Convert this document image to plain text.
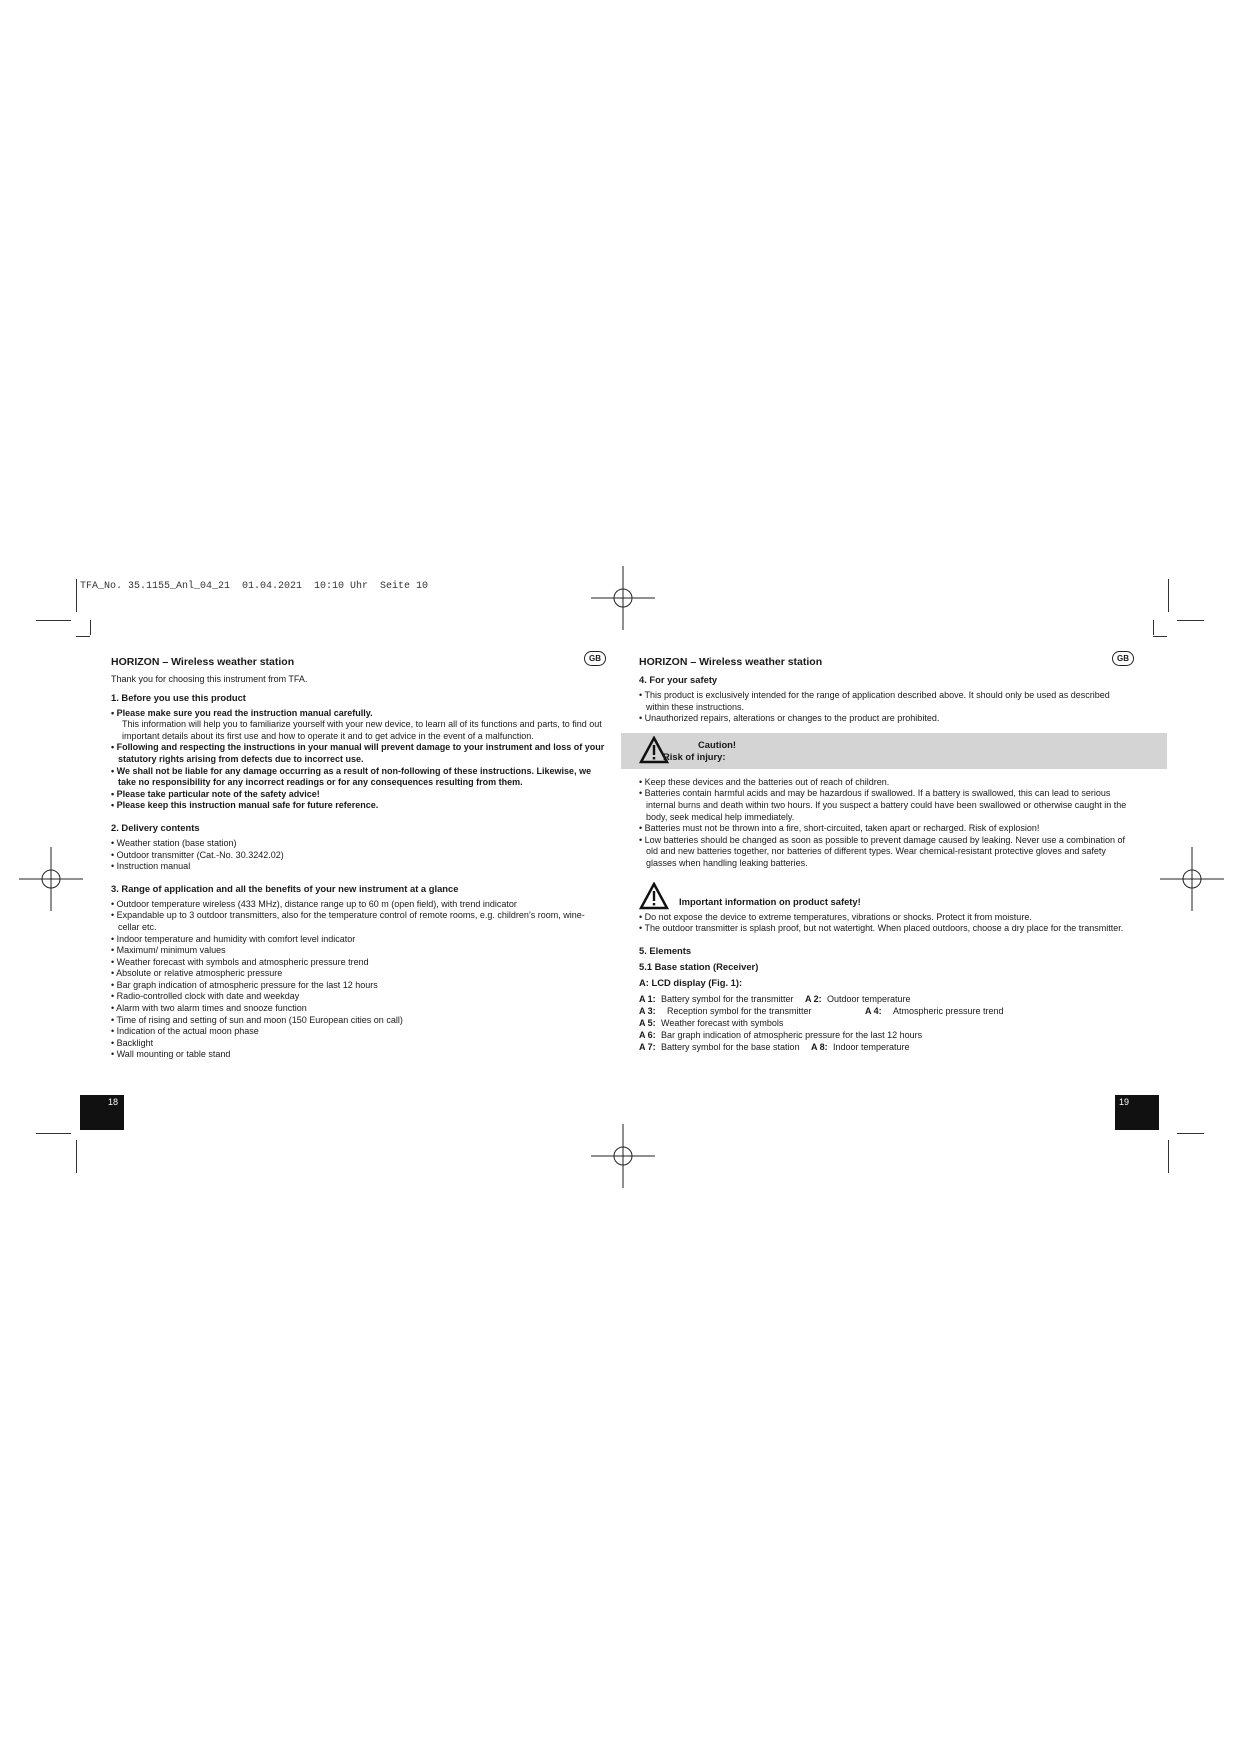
TFA_No. 35.1155_Anl_04_21  01.04.2021  10:10 Uhr  Seite 10
HORIZON – Wireless weather station	GB

Thank you for choosing this instrument from TFA.

1. Before you use this product

• Please make sure you read the instruction manual carefully.

This information will help you to familiarize yourself with your new device, to learn all of its functions and parts, to find out important details about its first use and how to operate it and to get advice in the event of a malfunction.

• Following and respecting the instructions in your manual will prevent damage to your instrument and loss of your statutory rights arising from defects due to incorrect use.

• We shall not be liable for any damage occurring as a result of non-following of these instructions. Likewise, we take no responsibility for any incorrect readings or for any consequences resulting from them.

• Please take particular note of the safety advice!

• Please keep this instruction manual safe for future reference.

2. Delivery contents

• Weather station (base station)

• Outdoor transmitter (Cat.-No. 30.3242.02)

• Instruction manual

3. Range of application and all the benefits of your new instrument at a glance

• Outdoor temperature wireless (433 MHz), distance range up to 60 m (open field), with trend indicator

• Expandable up to 3 outdoor transmitters, also for the temperature control of remote rooms, e.g. children’s room, wine-cellar etc.

• Indoor temperature and humidity with comfort level indicator

• Maximum/ minimum values

• Weather forecast with symbols and atmospheric pressure trend

• Absolute or relative atmospheric pressure

• Bar graph indication of atmospheric pressure for the last 12 hours

• Radio-controlled clock with date and weekday

• Alarm with two alarm times and snooze function

• Time of rising and setting of sun and moon (150 European cities on call)

• Indication of the actual moon phase

• Backlight

• Wall mounting or table stand

18
HORIZON – Wireless weather station	GB

4. For your safety

• This product is exclusively intended for the range of application described above. It should only be used as described within these instructions.

• Unauthorized repairs, alterations or changes to the product are prohibited.

Caution!
Risk of injury:

• Keep these devices and the batteries out of reach of children.

• Batteries contain harmful acids and may be hazardous if swallowed. If a battery is swallowed, this can lead to serious internal burns and death within two hours. If you suspect a battery could have been swallowed or otherwise caught in the body, seek medical help immediately.

• Batteries must not be thrown into a fire, short-circuited, taken apart or recharged. Risk of explosion!

• Low batteries should be changed as soon as possible to prevent damage caused by leaking. Never use a combination of old and new batteries together, nor batteries of different types. Wear chemical-resistant protective gloves and safety glasses when handling leaking batteries.

Important information on product safety!

• Do not expose the device to extreme temperatures, vibrations or shocks. Protect it from moisture.

• The outdoor transmitter is splash proof, but not watertight. When placed outdoors, choose a dry place for the transmitter.

5. Elements

5.1 Base station (Receiver)

A: LCD display (Fig. 1):

A 1: Battery symbol for the transmitter A 2: Outdoor temperature
A 3: Reception symbol for the transmitter	A 4: Atmospheric pressure trend
A 5: Weather forecast with symbols
A 6: Bar graph indication of atmospheric pressure for the last 12 hours
A 7: Battery symbol for the base station A 8: Indoor temperature
19
